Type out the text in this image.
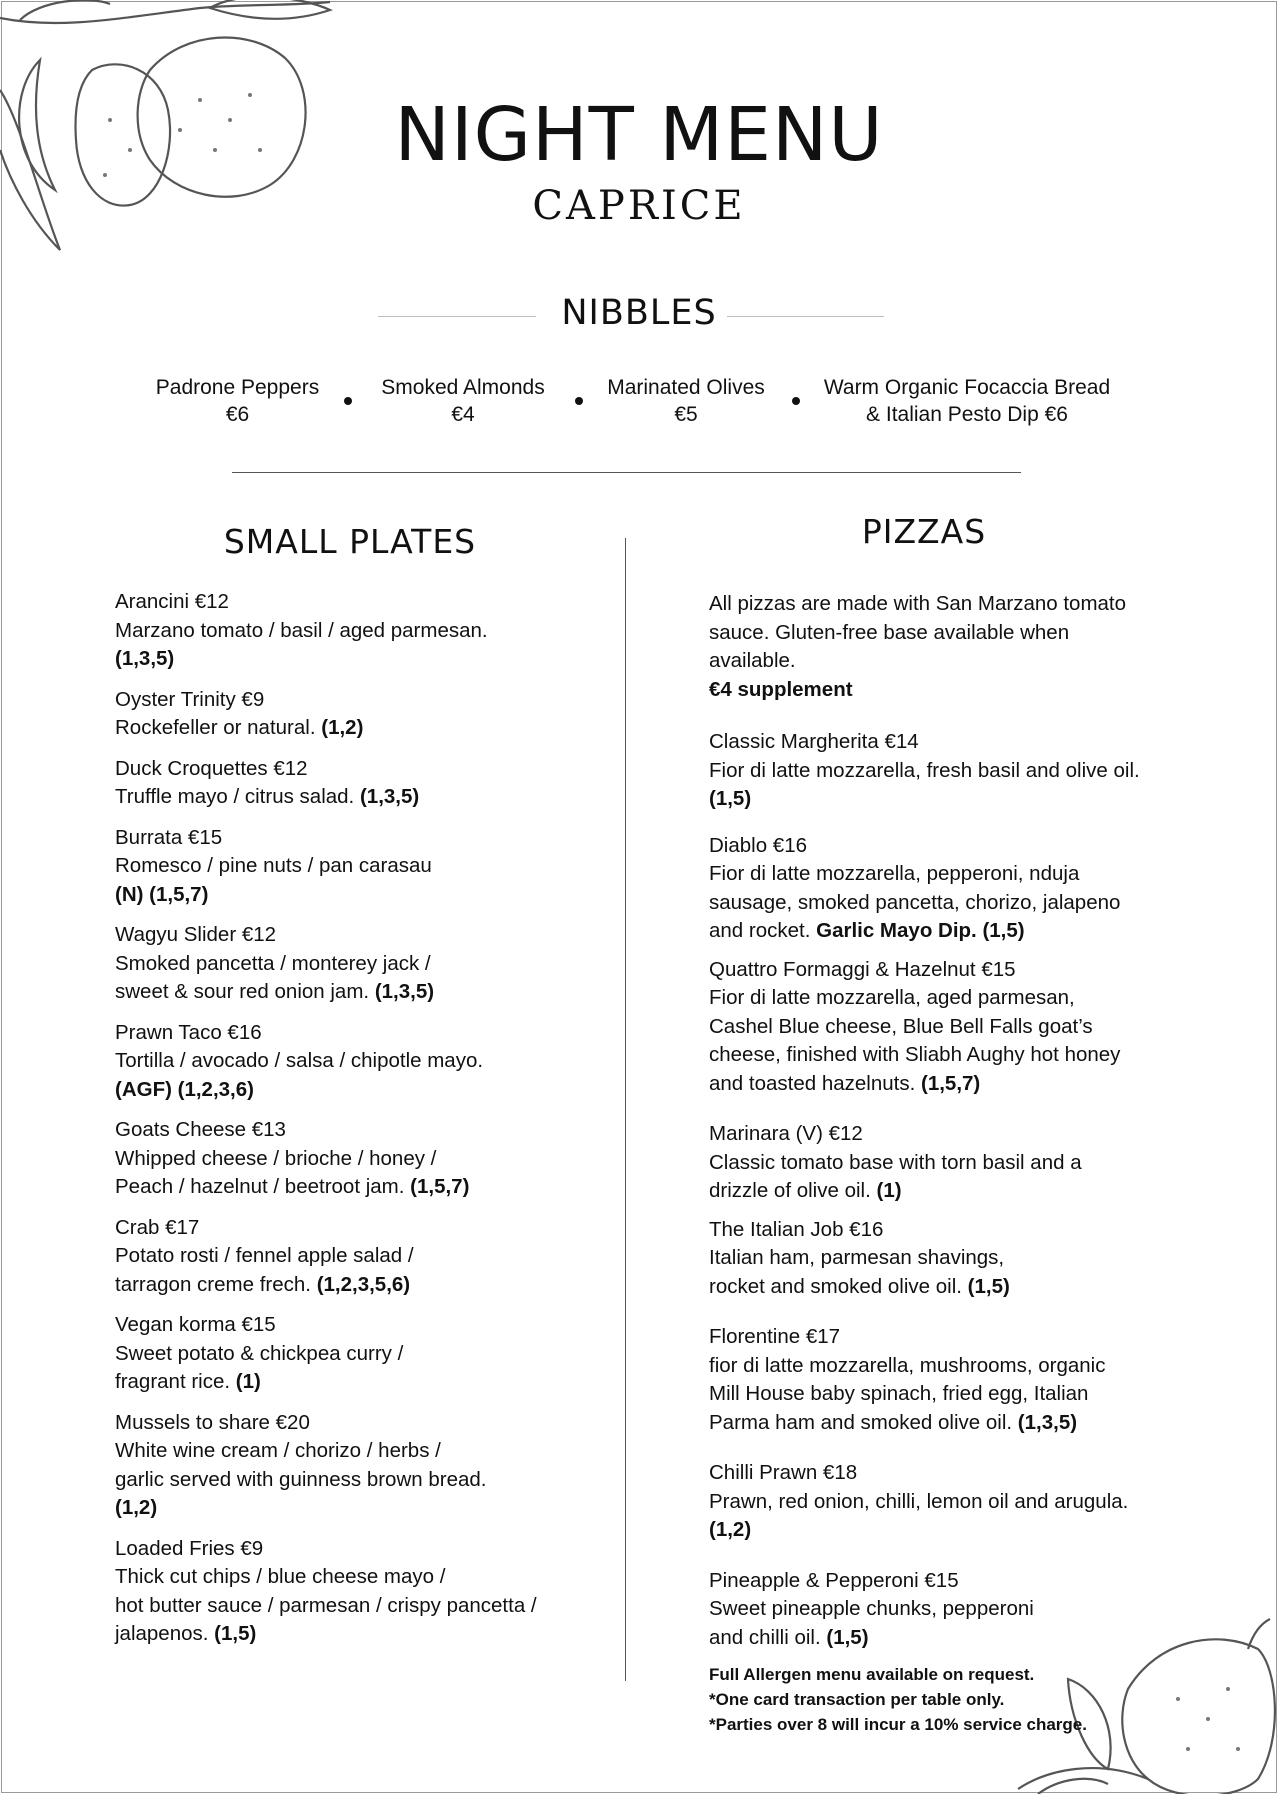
NIGHT MENU
CAPRICE
NIBBLES
Padrone Peppers
€6
Smoked Almonds
€4
Marinated Olives
€5
Warm Organic Focaccia Bread
& Italian Pesto Dip €6
SMALL PLATES	PIZZAS
Arancini €12
Marzano tomato / basil / aged parmesan.
(1,3,5)
Oyster Trinity €9
Rockefeller or natural. (1,2)
Duck Croquettes €12
Truffle mayo / citrus salad. (1,3,5)
Burrata €15
Romesco / pine nuts / pan carasau
(N) (1,5,7)
Wagyu Slider €12
Smoked pancetta / monterey jack /
sweet & sour red onion jam. (1,3,5)
Prawn Taco €16
Tortilla / avocado / salsa / chipotle mayo.
(AGF) (1,2,3,6)
Goats Cheese €13
Whipped cheese / brioche / honey /
Peach / hazelnut / beetroot jam. (1,5,7)
Crab €17
Potato rosti / fennel apple salad /
tarragon creme frech. (1,2,3,5,6)
Vegan korma €15
Sweet potato & chickpea curry /
fragrant rice. (1)
Mussels to share €20
White wine cream / chorizo / herbs /
garlic served with guinness brown bread.
(1,2)
Loaded Fries €9
Thick cut chips / blue cheese mayo /
hot butter sauce / parmesan / crispy pancetta /
jalapenos. (1,5)
All pizzas are made with San Marzano tomato
sauce. Gluten-free base available when
available.
€4 supplement
Classic Margherita €14
Fior di latte mozzarella, fresh basil and olive oil.
(1,5)
Diablo €16
Fior di latte mozzarella, pepperoni, nduja
sausage, smoked pancetta, chorizo, jalapeno
and rocket. Garlic Mayo Dip. (1,5)
Quattro Formaggi & Hazelnut €15
Fior di latte mozzarella, aged parmesan,
Cashel Blue cheese, Blue Bell Falls goat’s
cheese, finished with Sliabh Aughy hot honey
and toasted hazelnuts. (1,5,7)
Marinara (V) €12
Classic tomato base with torn basil and a
drizzle of olive oil. (1)
The Italian Job €16
Italian ham, parmesan shavings,
rocket and smoked olive oil. (1,5)
Florentine €17
fior di latte mozzarella, mushrooms, organic
Mill House baby spinach, fried egg, Italian
Parma ham and smoked olive oil. (1,3,5)
Chilli Prawn €18
Prawn, red onion, chilli, lemon oil and arugula.
(1,2)
Pineapple & Pepperoni €15
Sweet pineapple chunks, pepperoni
and chilli oil. (1,5)
Full Allergen menu available on request.
*One card transaction per table only.
*Parties over 8 will incur a 10% service charge.
